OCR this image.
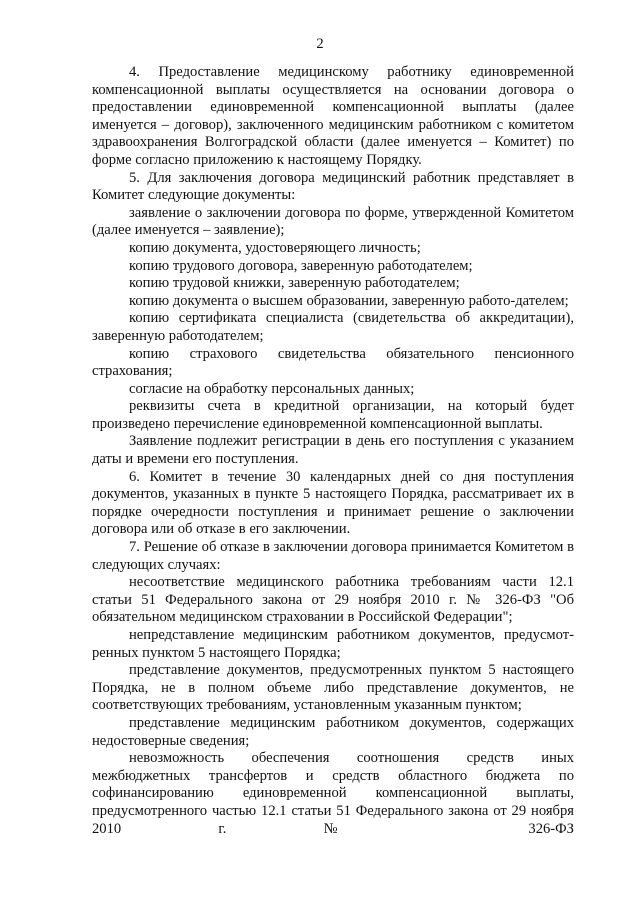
2

4. Предоставление медицинскому работнику единовременной компенсационной выплаты осуществляется на основании договора о предоставлении единовременной компенсационной выплаты (далее именуется – договор), заключенного медицинским работником с комитетом здравоохранения Волгоградской области (далее именуется – Комитет) по форме согласно приложению к настоящему Порядку.

5. Для заключения договора медицинский работник представляет в Комитет следующие документы:

заявление о заключении договора по форме, утвержденной Комитетом (далее именуется – заявление);

копию документа, удостоверяющего личность;

копию трудового договора, заверенную работодателем;

копию трудовой книжки, заверенную работодателем;

копию документа о высшем образовании, заверенную работо-дателем;

копию сертификата специалиста (свидетельства об аккредитации), заверенную работодателем;

копию страхового свидетельства обязательного пенсионного страхования;

согласие на обработку персональных данных;

реквизиты счета в кредитной организации, на который будет произведено перечисление единовременной компенсационной выплаты.

Заявление подлежит регистрации в день его поступления с указанием даты и времени его поступления.

6. Комитет в течение 30 календарных дней со дня поступления документов, указанных в пункте 5 настоящего Порядка, рассматривает их в порядке очередности поступления и принимает решение о заключении договора или об отказе в его заключении.

7. Решение об отказе в заключении договора принимается Комитетом в следующих случаях:

несоответствие медицинского работника требованиям части 12.1 статьи 51 Федерального закона от 29 ноября 2010 г. № 326-ФЗ "Об обязательном медицинском страховании в Российской Федерации";

непредставление медицинским работником документов, предусмот-ренных пунктом 5 настоящего Порядка;

представление документов, предусмотренных пунктом 5 настоящего Порядка, не в полном объеме либо представление документов, не соответствующих требованиям, установленным указанным пунктом;

представление медицинским работником документов, содержащих недостоверные сведения;

невозможность обеспечения соотношения средств иных межбюджетных трансфертов и средств областного бюджета по софинансированию единовременной компенсационной выплаты, предусмотренного частью 12.1 статьи 51 Федерального закона от 29 ноября 2010 г. № 326-ФЗ
